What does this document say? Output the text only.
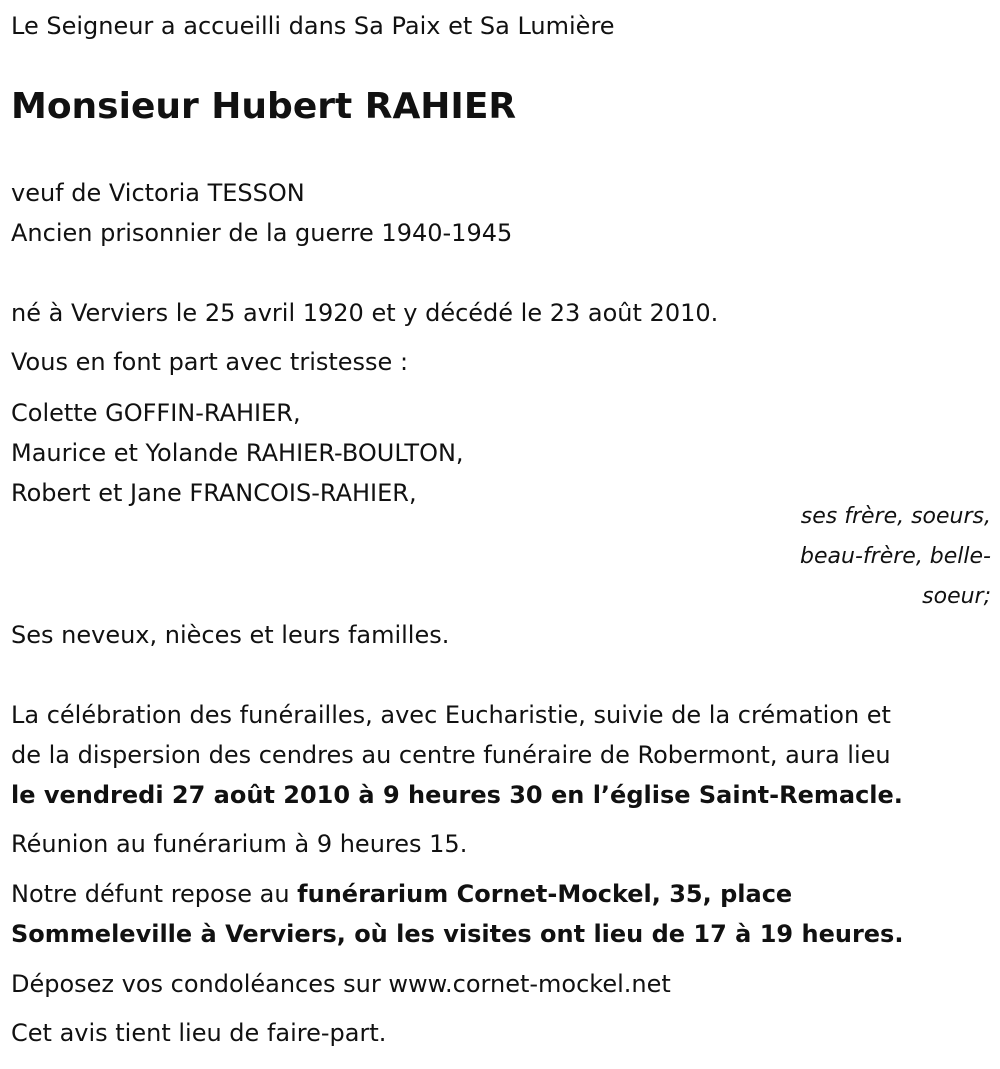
Le Seigneur a accueilli dans Sa Paix et Sa Lumière
Monsieur Hubert RAHIER
veuf de Victoria TESSON
Ancien prisonnier de la guerre 1940-1945
né à Verviers le 25 avril 1920 et y décédé le 23 août 2010.
Vous en font part avec tristesse :
Colette GOFFIN-RAHIER,
Maurice et Yolande RAHIER-BOULTON,
Robert et Jane FRANCOIS-RAHIER,
ses frère, soeurs,
beau-frère, belle-
soeur;
Ses neveux, nièces et leurs familles.
La célébration des funérailles, avec Eucharistie, suivie de la crémation et
de la dispersion des cendres au centre funéraire de Robermont, aura lieu
le vendredi 27 août 2010 à 9 heures 30 en l’église Saint-Remacle.
Réunion au funérarium à 9 heures 15.
Notre défunt repose au funérarium Cornet-Mockel, 35, place
Sommeleville à Verviers, où les visites ont lieu de 17 à 19 heures.
Déposez vos condoléances sur www.cornet-mockel.net
Cet avis tient lieu de faire-part.
